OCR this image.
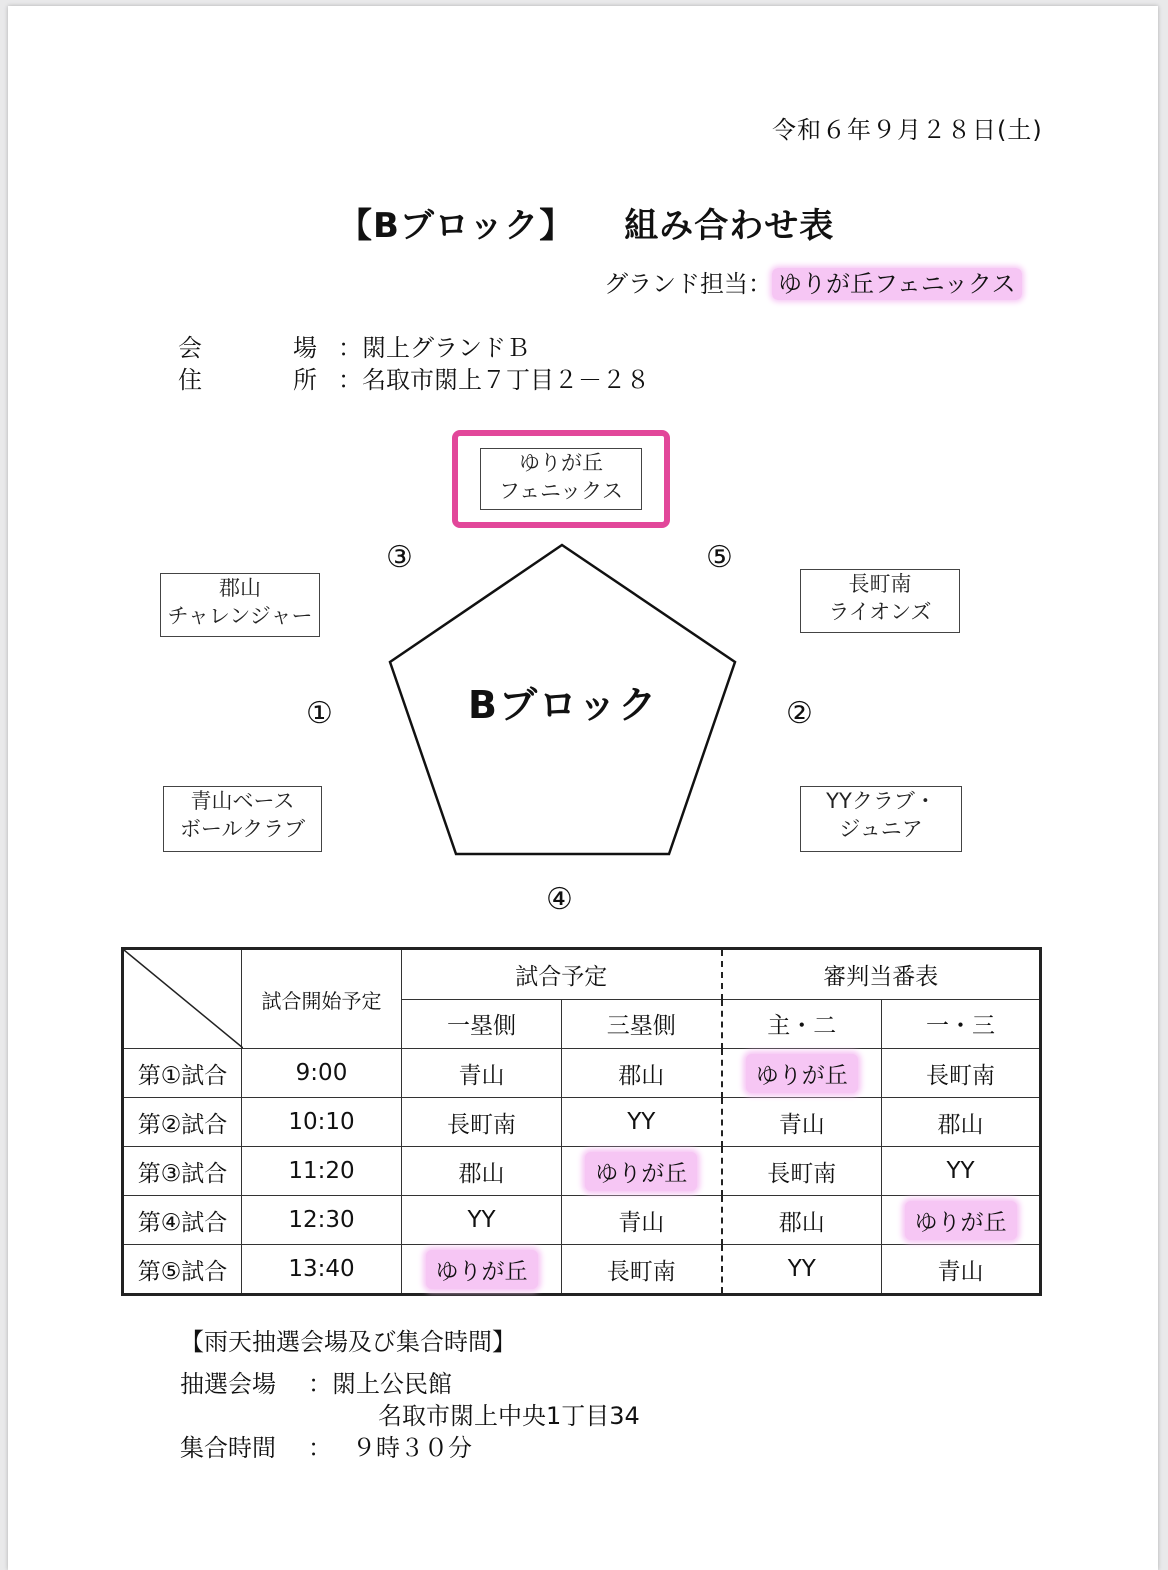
令和６年９月２８日(土)
【Bブロック】 組み合わせ表
グランド担当： ゆりが丘フェニックス
会	場 ：閖上グランドＢ
住	所 ：名取市閖上７丁目２－２８
Bブロック
ゆりが丘
フェニックス
郡山
チャレンジャー
長町南
ライオンズ
青山ベース
ボールクラブ
YYクラブ・
ジュニア
③	⑤
①	②
④
	試合開始予定	試合予定		審判当番表	
		一塁側	三塁側	主・二	一・三
第①試合	9:00	青山	郡山	ゆりが丘	長町南
第②試合	10:10	長町南	YY	青山	郡山
第③試合	11:20	郡山	ゆりが丘	長町南	YY
第④試合	12:30	YY	青山	郡山	ゆりが丘
第⑤試合	13:40	ゆりが丘	長町南	YY	青山
【雨天抽選会場及び集合時間】
抽選会場 ：閖上公民館
名取市閖上中央1丁目34
集合時間 ： ９時３０分
